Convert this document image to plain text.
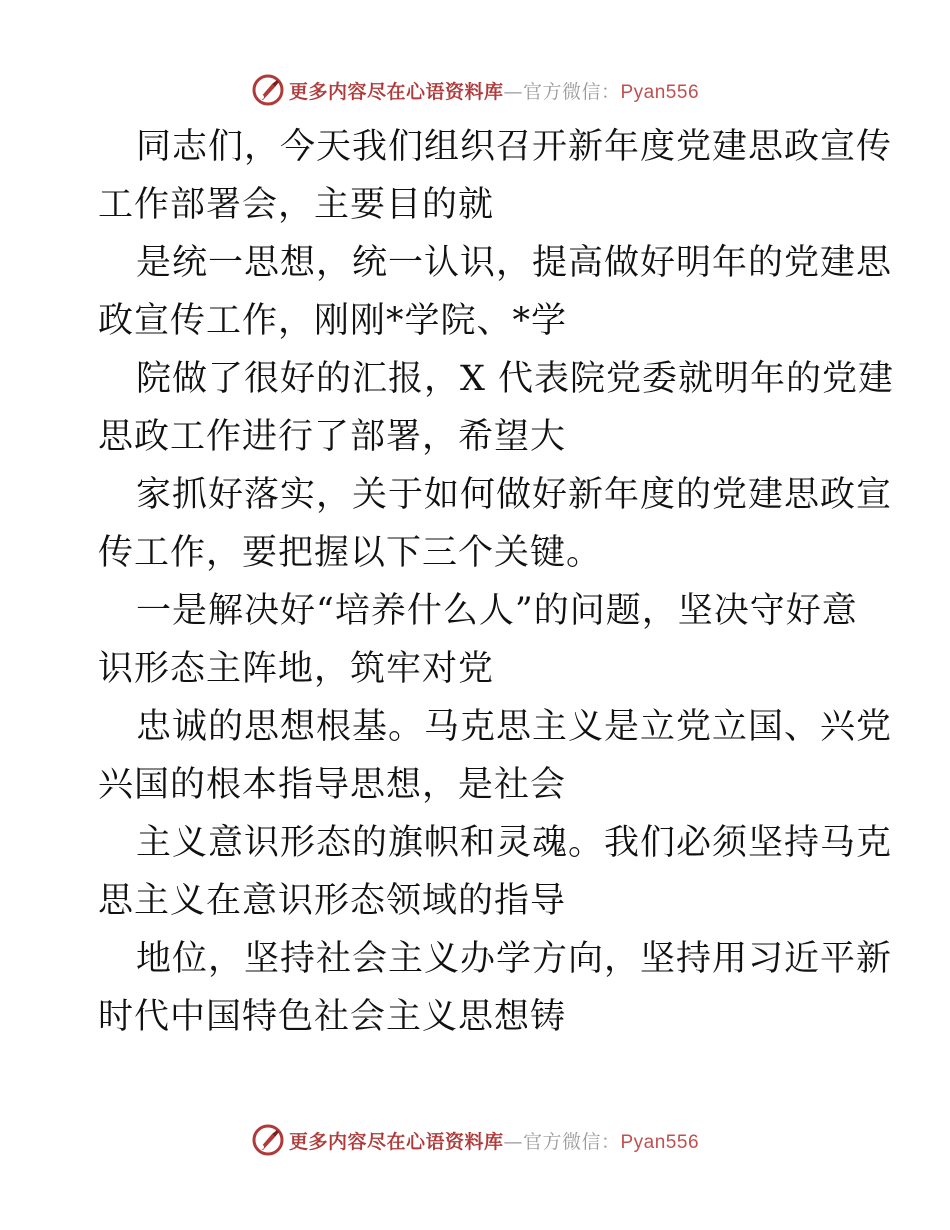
更多内容尽在心语资料库—官方微信：Pyan556

同志们，今天我们组织召开新年度党建思政宣传
工作部署会，主要目的就

是统一思想，统一认识，提高做好明年的党建思
政宣传工作，刚刚*学院、*学

院做了很好的汇报，X 代表院党委就明年的党建
思政工作进行了部署，希望大

家抓好落实，关于如何做好新年度的党建思政宣
传工作，要把握以下三个关键。

一是解决好“培养什么人”的问题，坚决守好意
识形态主阵地，筑牢对党

忠诚的思想根基。马克思主义是立党立国、兴党
兴国的根本指导思想，是社会

主义意识形态的旗帜和灵魂。我们必须坚持马克
思主义在意识形态领域的指导

地位，坚持社会主义办学方向，坚持用习近平新
时代中国特色社会主义思想铸

更多内容尽在心语资料库—官方微信：Pyan556
